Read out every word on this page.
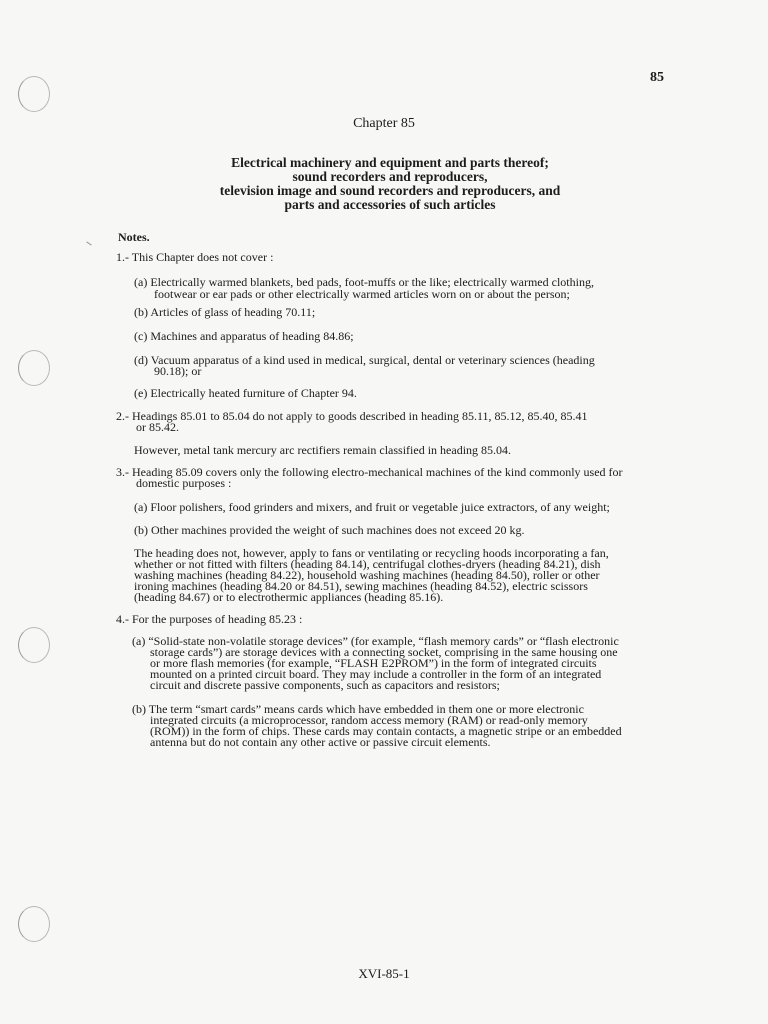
85
Chapter 85
Electrical machinery and equipment and parts thereof;
sound recorders and reproducers,
television image and sound recorders and reproducers, and
parts and accessories of such articles
Notes.
1.- This Chapter does not cover :
(a) Electrically warmed blankets, bed pads, foot-muffs or the like; electrically warmed clothing,
footwear or ear pads or other electrically warmed articles worn on or about the person;
(b) Articles of glass of heading 70.11;
(c) Machines and apparatus of heading 84.86;
(d) Vacuum apparatus of a kind used in medical, surgical, dental or veterinary sciences (heading
90.18); or
(e) Electrically heated furniture of Chapter 94.
2.- Headings 85.01 to 85.04 do not apply to goods described in heading 85.11, 85.12, 85.40, 85.41
or 85.42.
However, metal tank mercury arc rectifiers remain classified in heading 85.04.
3.- Heading 85.09 covers only the following electro-mechanical machines of the kind commonly used for
domestic purposes :
(a) Floor polishers, food grinders and mixers, and fruit or vegetable juice extractors, of any weight;
(b) Other machines provided the weight of such machines does not exceed 20 kg.
The heading does not, however, apply to fans or ventilating or recycling hoods incorporating a fan,
whether or not fitted with filters (heading 84.14), centrifugal clothes-dryers (heading 84.21), dish
washing machines (heading 84.22), household washing machines (heading 84.50), roller or other
ironing machines (heading 84.20 or 84.51), sewing machines (heading 84.52), electric scissors
(heading 84.67) or to electrothermic appliances (heading 85.16).
4.- For the purposes of heading 85.23 :
(a) “Solid-state non-volatile storage devices” (for example, “flash memory cards” or “flash electronic
storage cards”) are storage devices with a connecting socket, comprising in the same housing one
or more flash memories (for example, “FLASH E2PROM”) in the form of integrated circuits
mounted on a printed circuit board. They may include a controller in the form of an integrated
circuit and discrete passive components, such as capacitors and resistors;
(b) The term “smart cards” means cards which have embedded in them one or more electronic
integrated circuits (a microprocessor, random access memory (RAM) or read-only memory
(ROM)) in the form of chips. These cards may contain contacts, a magnetic stripe or an embedded
antenna but do not contain any other active or passive circuit elements.
XVI-85-1
